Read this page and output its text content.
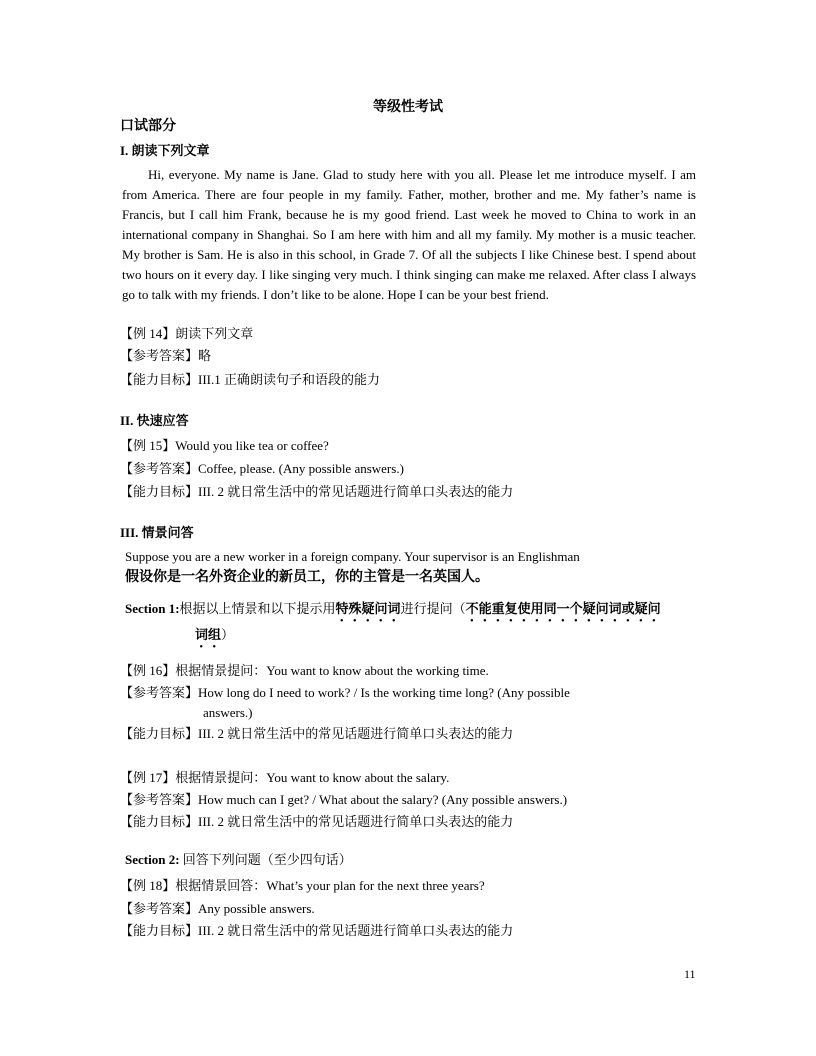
等级性考试
口试部分
I. 朗读下列文章

Hi, everyone. My name is Jane. Glad to study here with you all. Please let me introduce myself. I am from America. There are four people in my family. Father, mother, brother and me. My father’s name is Francis, but I call him Frank, because he is my good friend. Last week he moved to China to work in an international company in Shanghai. So I am here with him and all my family. My mother is a music teacher. My brother is Sam. He is also in this school, in Grade 7. Of all the subjects I like Chinese best. I spend about two hours on it every day. I like singing very much. I think singing can make me relaxed. After class I always go to talk with my friends. I don’t like to be alone. Hope I can be your best friend.

【例 14】朗读下列文章
【参考答案】略
【能力目标】III.1 正确朗读句子和语段的能力
II. 快速应答
【例 15】Would you like tea or coffee?
【参考答案】Coffee, please. (Any possible answers.)
【能力目标】III. 2 就日常生活中的常见话题进行简单口头表达的能力
III. 情景问答
Suppose you are a new worker in a foreign company. Your supervisor is an Englishman
假设你是一名外资企业的新员工，你的主管是一名英国人。
Section 1:根据以上情景和以下提示用特殊疑问词进行提问（不能重复使用同一个疑问词或疑问
词组）
【例 16】根据情景提问：You want to know about the working time.
【参考答案】How long do I need to work? / Is the working time long? (Any possible
answers.)
【能力目标】III. 2 就日常生活中的常见话题进行简单口头表达的能力
【例 17】根据情景提问：You want to know about the salary.
【参考答案】How much can I get? / What about the salary? (Any possible answers.)
【能力目标】III. 2 就日常生活中的常见话题进行简单口头表达的能力
Section 2: 回答下列问题（至少四句话）
【例 18】根据情景回答：What’s your plan for the next three years?
【参考答案】Any possible answers.
【能力目标】III. 2 就日常生活中的常见话题进行简单口头表达的能力
11
